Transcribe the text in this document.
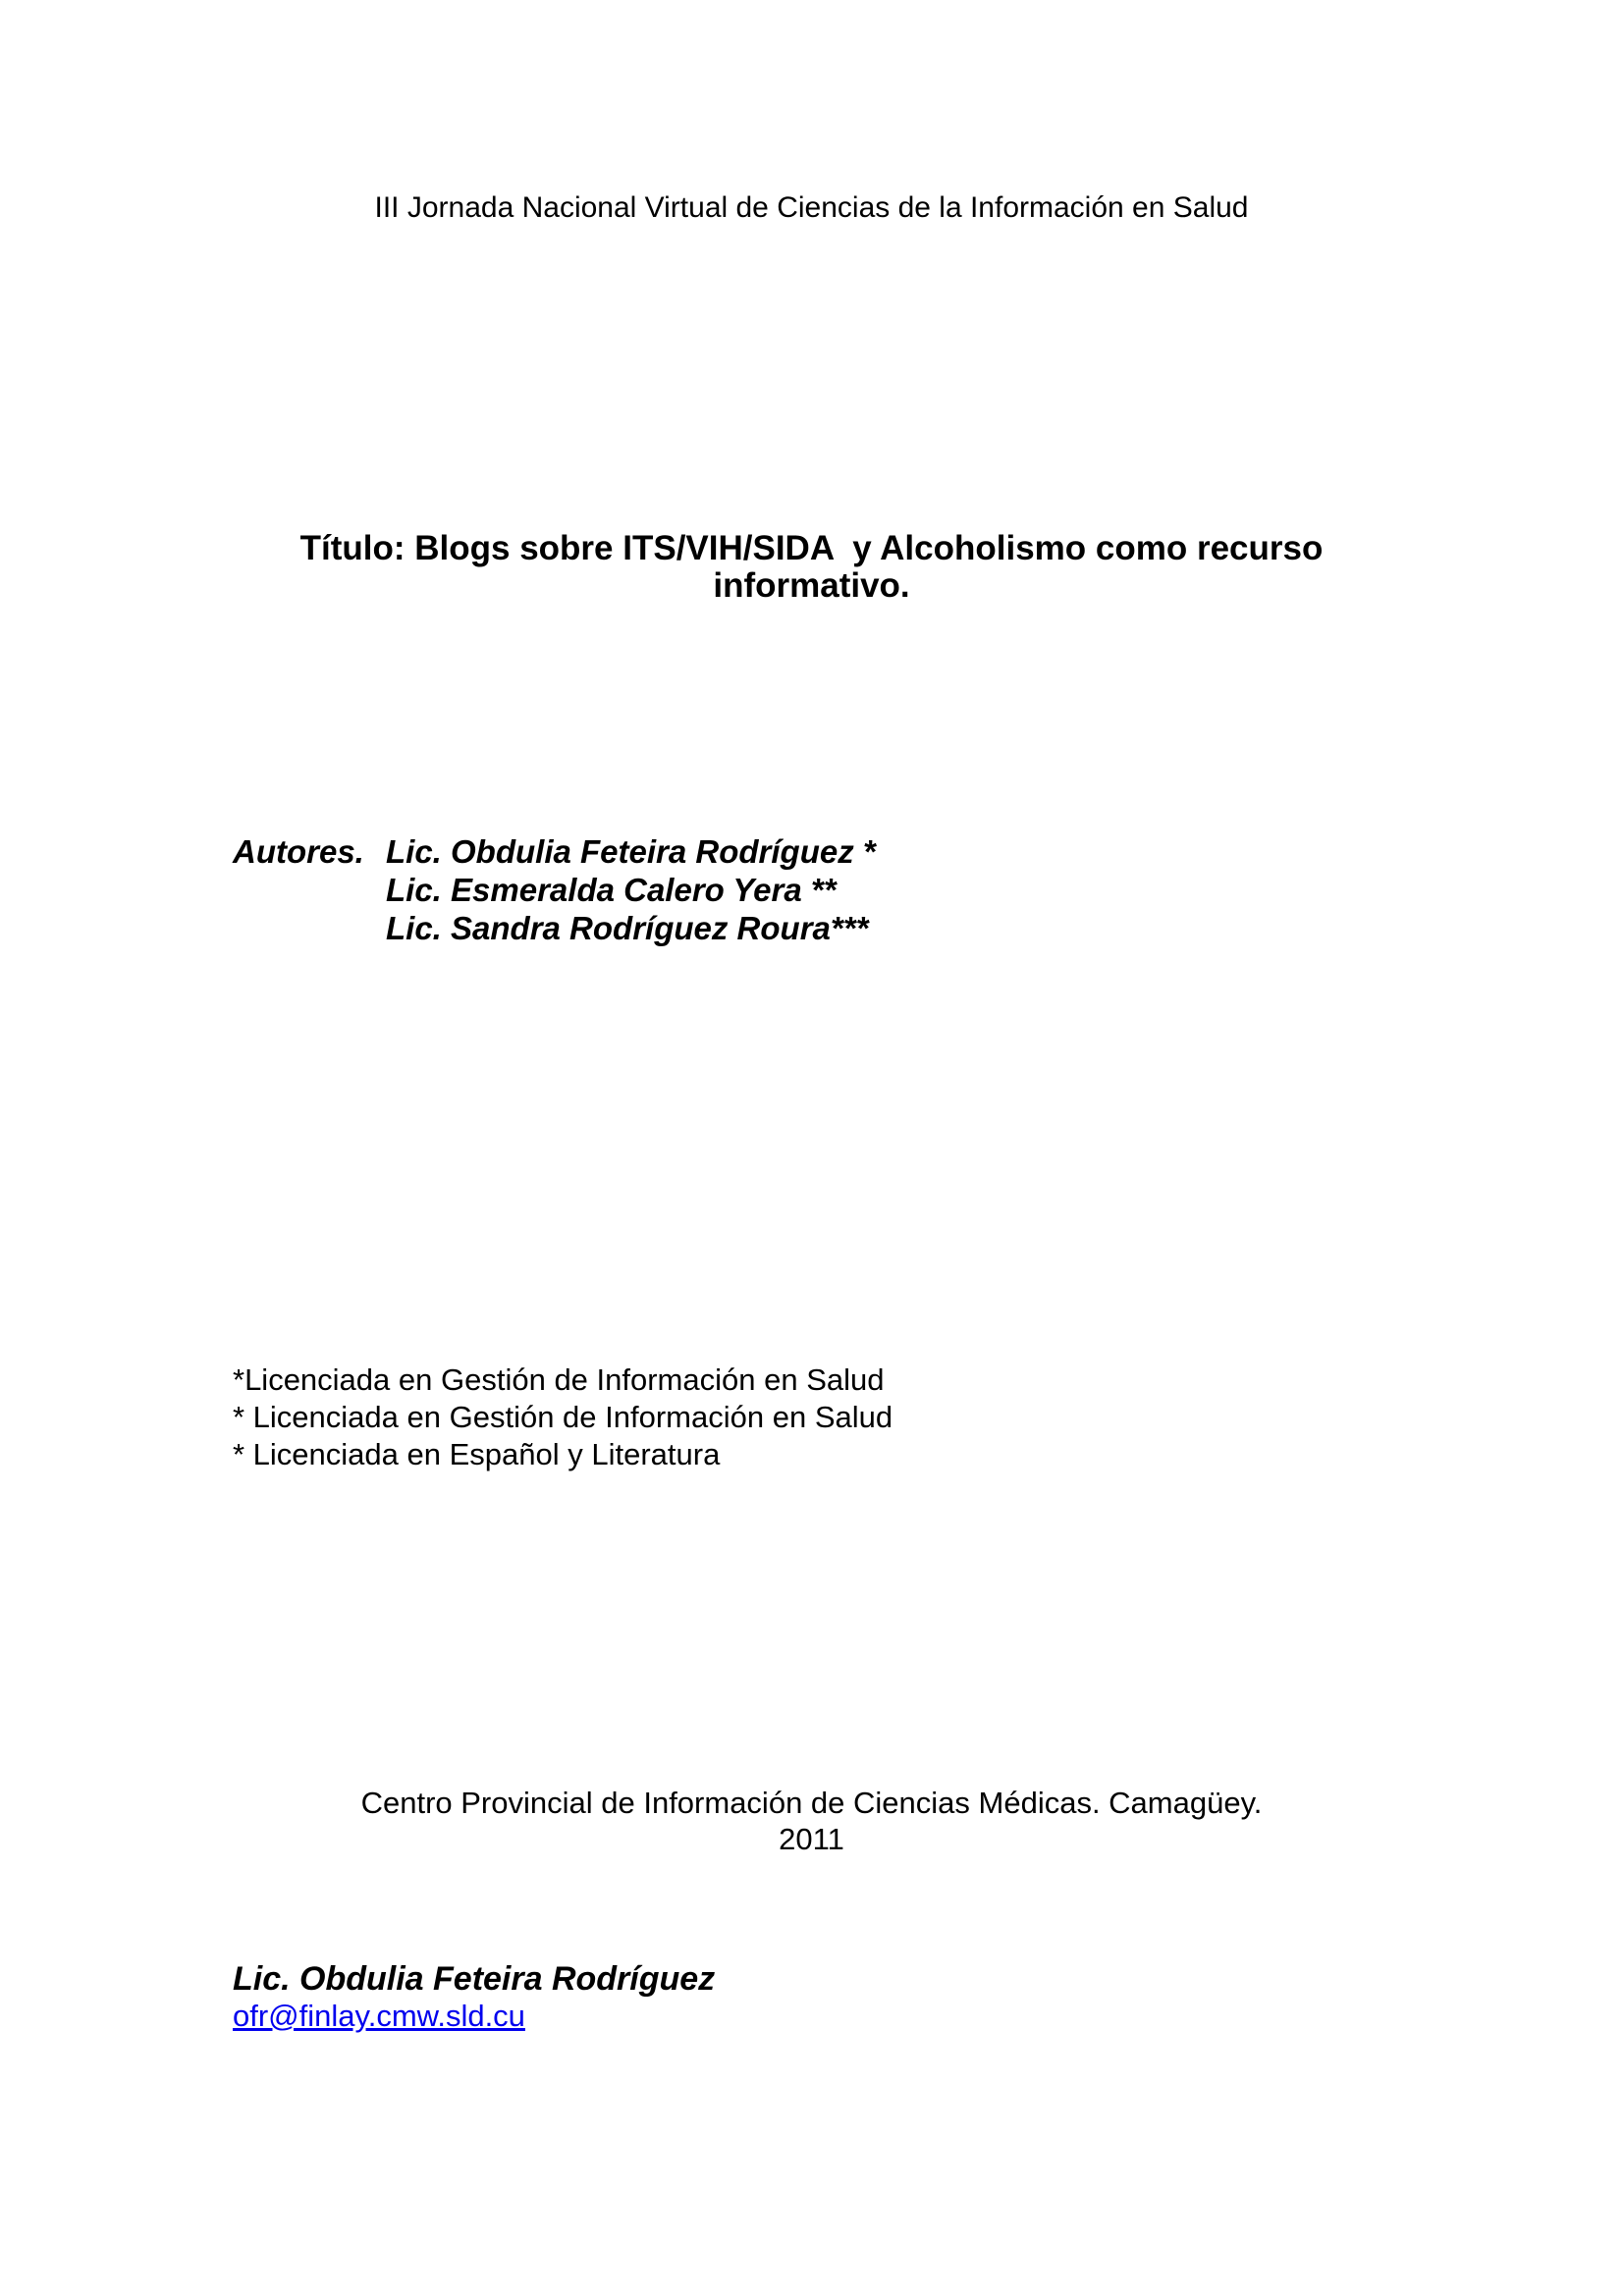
III Jornada Nacional Virtual de Ciencias de la Información en Salud
Título: Blogs sobre ITS/VIH/SIDA  y Alcoholismo como recurso
informativo.
Autores. Lic. Obdulia Feteira Rodríguez *
Lic. Esmeralda Calero Yera **
Lic. Sandra Rodríguez Roura***
*Licenciada en Gestión de Información en Salud
* Licenciada en Gestión de Información en Salud
* Licenciada en Español y Literatura
Centro Provincial de Información de Ciencias Médicas. Camagüey.
2011
Lic. Obdulia Feteira Rodríguez
ofr@finlay.cmw.sld.cu
